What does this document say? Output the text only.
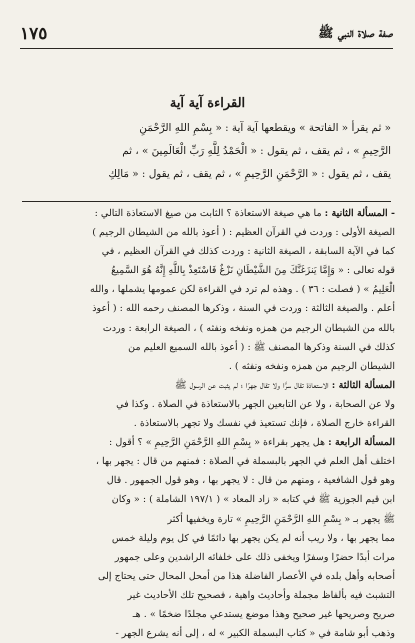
١٧٥	صفة صلاة النبي ﷺ
القراءة آية آية
« ثم يقرأ « الفاتحة » ويقطعها آية آية : « بِسْمِ اللهِ الرَّحْمَنِ
الرَّحِيمِ » ، ثم يقف ، ثم يقول : « الْحَمْدُ لِلَّهِ رَبِّ الْعَالَمِينَ » ، ثم
يقف ، ثم يقول : « الرَّحْمَنِ الرَّحِيمِ » ، ثم يقف ، ثم يقول : « مَالِكِ
- المسألة الثانية : ما هي صيغة الاستعاذة ؟ الثابت من صيغ الاستعاذة التالي :
الصيغة الأولى : وردت في القرآن العظيم : ( أعوذ بالله من الشيطان الرجيم )
كما في الآية السابقة ، الصيغة الثانية : وردت كذلك في القرآن العظيم ، في
قوله تعالى : « وَإِمَّا يَنزَغَنَّكَ مِنَ الشَّيْطَانِ نَزْغٌ فَاسْتَعِذْ بِاللَّهِ إِنَّهُ هُوَ السَّمِيعُ
الْعَلِيمُ » ( فصلت : ٣٦ ) . وهذه لم ترد في القراءة لكن عمومها يشملها ، والله
أعلم . والصيغة الثالثة : وردت في السنة ، وذكرها المصنف رحمه الله : ( أعوذ
بالله من الشيطان الرجيم من همزه ونفخه ونفثه ) ، الصيغة الرابعة : وردت
كذلك في السنة وذكرها المصنف ﷺ : ( أعوذ بالله السميع العليم من
الشيطان الرجيم من همزه ونفخه ونفثه ) .
المسألة الثالثة : الاستعاذة تقال سرًّا ولا تقال جهرًا ؛ لم يثبت عن الرسول ﷺ
ولا عن الصحابة ، ولا عن التابعين الجهر بالاستعاذة في الصلاة . وكذا في
القراءة خارج الصلاة ، فإنك تستعيذ في نفسك ولا تجهر بالاستعاذة .
المسألة الرابعة : هل يجهر بقراءة « بِسْمِ اللهِ الرَّحْمَنِ الرَّحِيمِ » ؟ أقول :
اختلف أهل العلم في الجهر بالبسملة في الصلاة : فمنهم من قال : يجهر بها ،
وهو قول الشافعية ، ومنهم من قال : لا يجهر بها ، وهو قول الجمهور . قال
ابن قيم الجوزية ﷺ في كتابه « زاد المعاد » ( ١٩٧/١ الشاملة ) : « وكان
ﷺ يجهر بـ « بِسْمِ اللهِ الرَّحْمَنِ الرَّحِيمِ » تارة ويخفيها أكثر
مما يجهر بها ، ولا ريب أنه لم يكن يجهر بها دائمًا في كل يوم وليلة خمس
مرات أبدًا حضرًا وسفرًا ويخفى ذلك على خلفائه الراشدين وعلى جمهور
أصحابه وأهل بلده في الأعصار الفاضلة هذا من أمحل المحال حتى يحتاج إلى
التشبث فيه بألفاظ مجملة وأحاديث واهية ، فصحيح تلك الأحاديث غير
صريح وصريحها غير صحيح وهذا موضع يستدعي مجلدًا ضخمًا » . هـ
وذهب أبو شامة في « كتاب البسملة الكبير » له ، إلى أنه يشرع الجهر -
